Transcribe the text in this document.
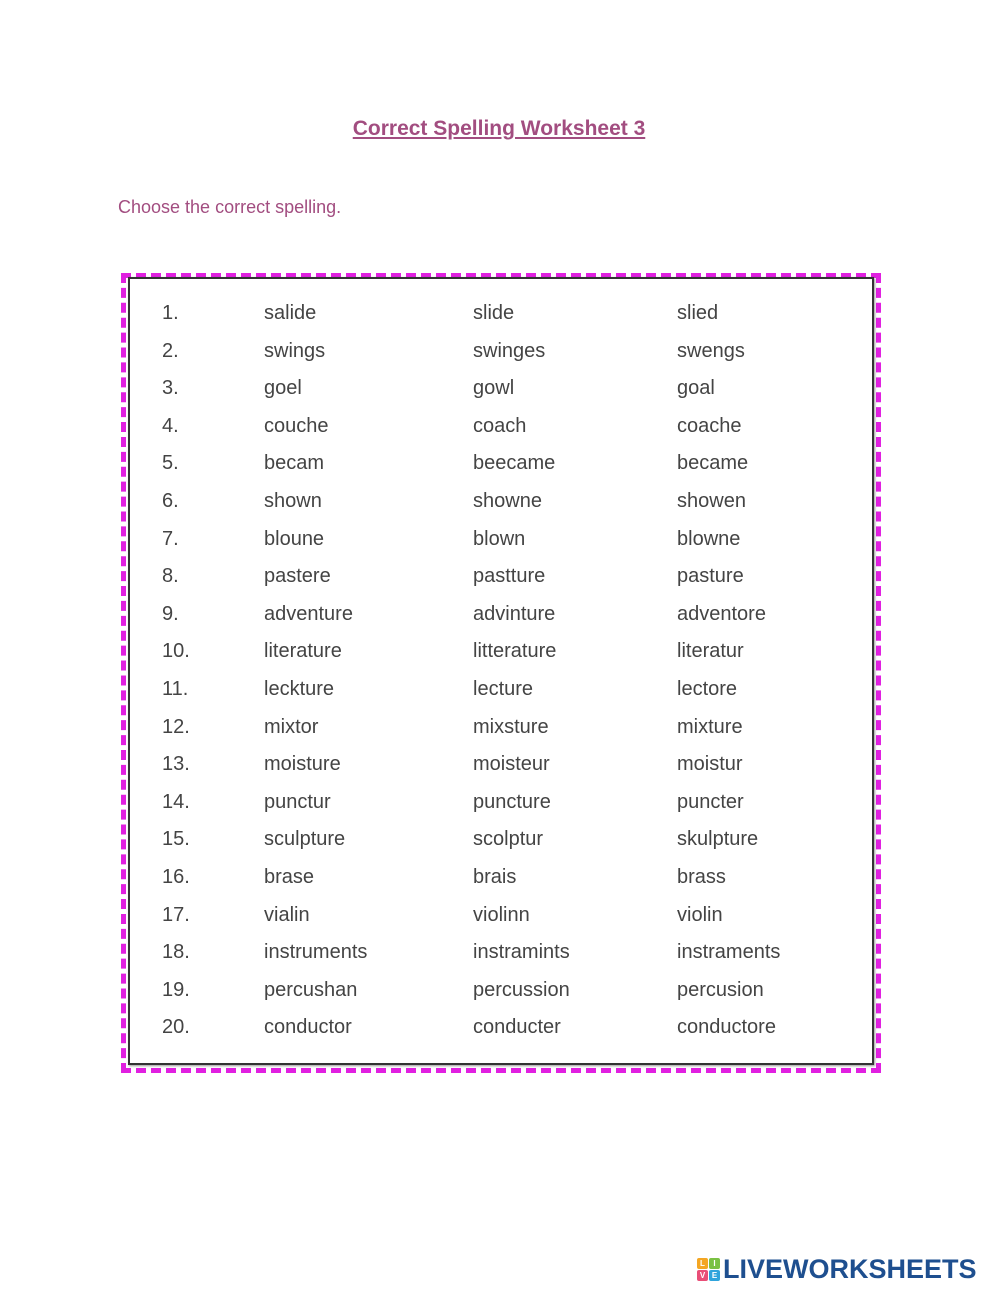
Correct Spelling Worksheet 3
Choose the correct spelling.
1.	salide	slide	slied
2.	swings	swinges	swengs
3.	goel	gowl	goal
4.	couche	coach	coache
5.	becam	beecame	became
6.	shown	showne	showen
7.	bloune	blown	blowne
8.	pastere	pastture	pasture
9.	adventure	advinture	adventore
10.	literature	litterature	literatur
11.	leckture	lecture	lectore
12.	mixtor	mixsture	mixture
13.	moisture	moisteur	moistur
14.	punctur	puncture	puncter
15.	sculpture	scolptur	skulpture
16.	brase	brais	brass
17.	vialin	violinn	violin
18.	instruments	instramints	instraments
19.	percushan	percussion	percusion
20.	conductor	conducter	conductore
L	I
V E LIVEWORKSHEETS
